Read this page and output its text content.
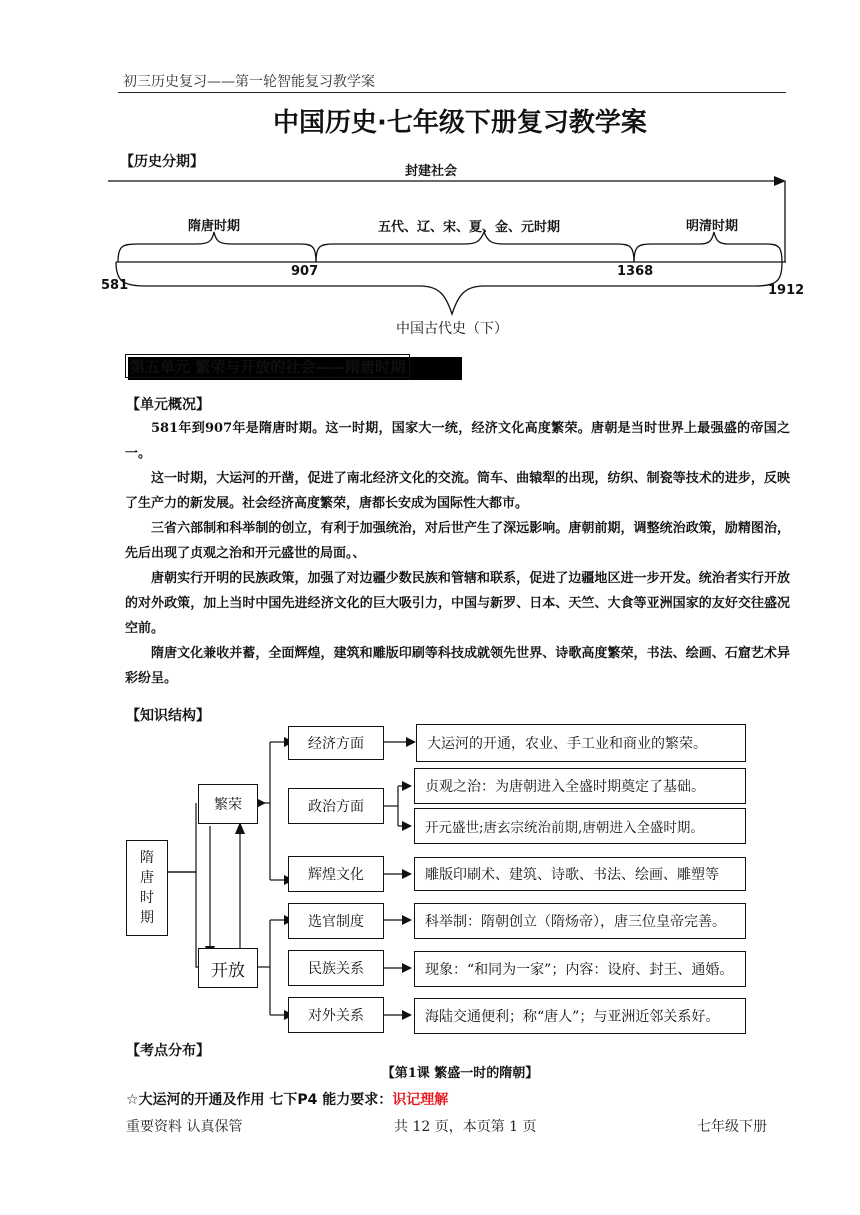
初三历史复习——第一轮智能复习教学案
中国历史·七年级下册复习教学案
【历史分期】
封建社会
隋唐时期	五代、辽、宋、夏、金、元时期	明清时期
581
907	1368
1912
中国古代史（下）
第五单元 繁荣与开放的社会——隋唐时期
【单元概况】

581年到907年是隋唐时期。这一时期，国家大一统，经济文化高度繁荣。唐朝是当时世界上最强盛的帝国之一。

这一时期，大运河的开凿，促进了南北经济文化的交流。筒车、曲辕犁的出现，纺织、制瓷等技术的进步，反映了生产力的新发展。社会经济高度繁荣，唐都长安成为国际性大都市。

三省六部制和科举制的创立，有利于加强统治，对后世产生了深远影响。唐朝前期，调整统治政策，励精图治，先后出现了贞观之治和开元盛世的局面。、

唐朝实行开明的民族政策，加强了对边疆少数民族和管辖和联系，促进了边疆地区进一步开发。统治者实行开放的对外政策，加上当时中国先进经济文化的巨大吸引力，中国与新罗、日本、天竺、大食等亚洲国家的友好交往盛况空前。

隋唐文化兼收并蓄，全面辉煌，建筑和雕版印刷等科技成就领先世界、诗歌高度繁荣，书法、绘画、石窟艺术异彩纷呈。

【知识结构】
隋唐时期
繁荣
开放
经济方面
政治方面
辉煌文化
选官制度
民族关系
对外关系
大运河的开通，农业、手工业和商业的繁荣。
贞观之治：为唐朝进入全盛时期奠定了基础。
开元盛世;唐玄宗统治前期,唐朝进入全盛时期。
雕版印刷术、建筑、诗歌、书法、绘画、雕塑等
科举制：隋朝创立（隋炀帝），唐三位皇帝完善。
现象：“和同为一家”；内容：设府、封王、通婚。
海陆交通便利；称“唐人”；与亚洲近邻关系好。
【考点分布】
【第1课 繁盛一时的隋朝】
☆大运河的开通及作用 七下P4 能力要求：识记理解
重要资料 认真保管	共 12 页，本页第 1 页	七年级下册
